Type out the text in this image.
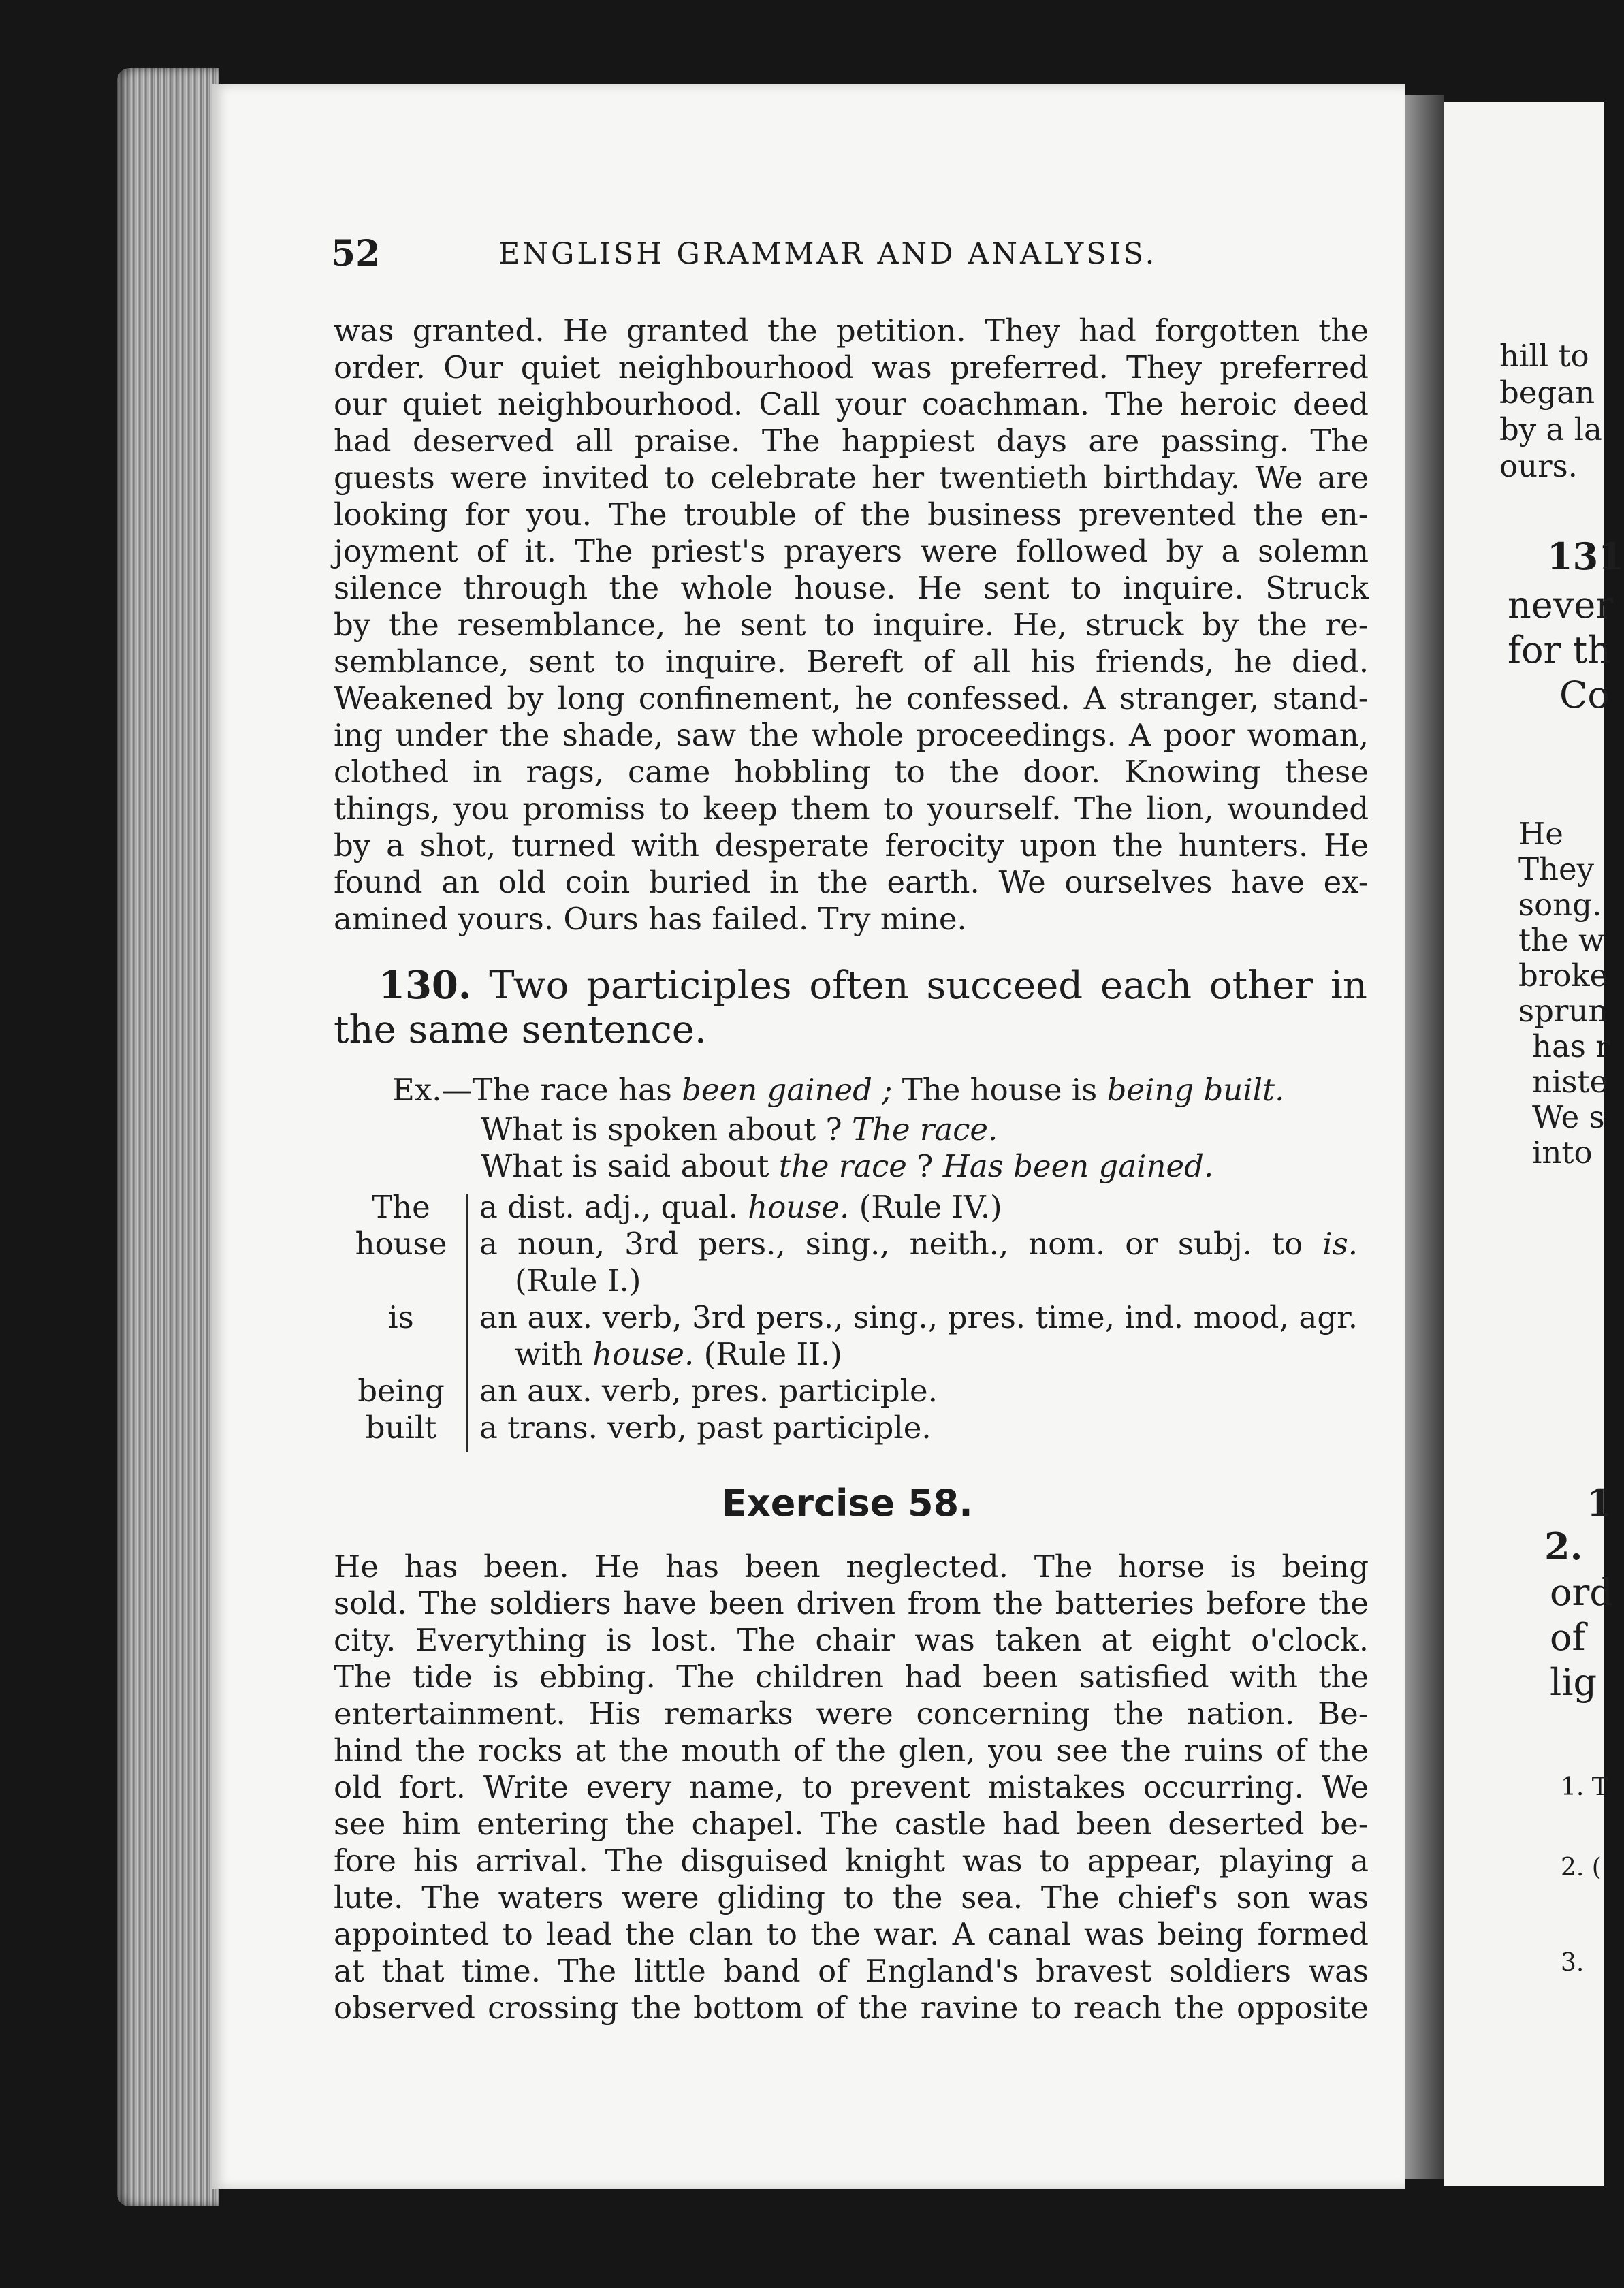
52	ENGLISH GRAMMAR AND ANALYSIS.
was granted. He granted the petition. They had forgotten the
order. Our quiet neighbourhood was preferred. They preferred
our quiet neighbourhood. Call your coachman. The heroic deed
had deserved all praise. The happiest days are passing. The
guests were invited to celebrate her twentieth birthday. We are
looking for you. The trouble of the business prevented the en-
joyment of it. The priest's prayers were followed by a solemn
silence through the whole house. He sent to inquire. Struck
by the resemblance, he sent to inquire. He, struck by the re-
semblance, sent to inquire. Bereft of all his friends, he died.
Weakened by long confinement, he confessed. A stranger, stand-
ing under the shade, saw the whole proceedings. A poor woman,
clothed in rags, came hobbling to the door. Knowing these
things, you promiss to keep them to yourself. The lion, wounded
by a shot, turned with desperate ferocity upon the hunters. He
found an old coin buried in the earth. We ourselves have ex-
amined yours. Ours has failed. Try mine.
130. Two participles often succeed each other in
the same sentence.
Ex.—The race has been gained ; The house is being built.
What is spoken about ? The race.
What is said about the race ? Has been gained.
The	a dist. adj., qual. house. (Rule IV.)
house	a noun, 3rd pers., sing., neith., nom. or subj. to is.
(Rule I.)
is	an aux. verb, 3rd pers., sing., pres. time, ind. mood, agr.
with house. (Rule II.)
being	an aux. verb, pres. participle.
built	a trans. verb, past participle.
Exercise 58.
He has been. He has been neglected. The horse is being
sold. The soldiers have been driven from the batteries before the
city. Everything is lost. The chair was taken at eight o'clock.
The tide is ebbing. The children had been satisfied with the
entertainment. His remarks were concerning the nation. Be-
hind the rocks at the mouth of the glen, you see the ruins of the
old fort. Write every name, to prevent mistakes occurring. We
see him entering the chapel. The castle had been deserted be-
fore his arrival. The disguised knight was to appear, playing a
lute. The waters were gliding to the sea. The chief's son was
appointed to lead the clan to the war. A canal was being formed
at that time. The little band of England's bravest soldiers was
observed crossing the bottom of the ravine to reach the opposite
hill to
began
by a la
ours.
131
never
for th
Co
He
They
song.
the w
broke
sprun
has r
niste
We s
into
1
2.
ord
of
lig
1. T
2. (
3.
